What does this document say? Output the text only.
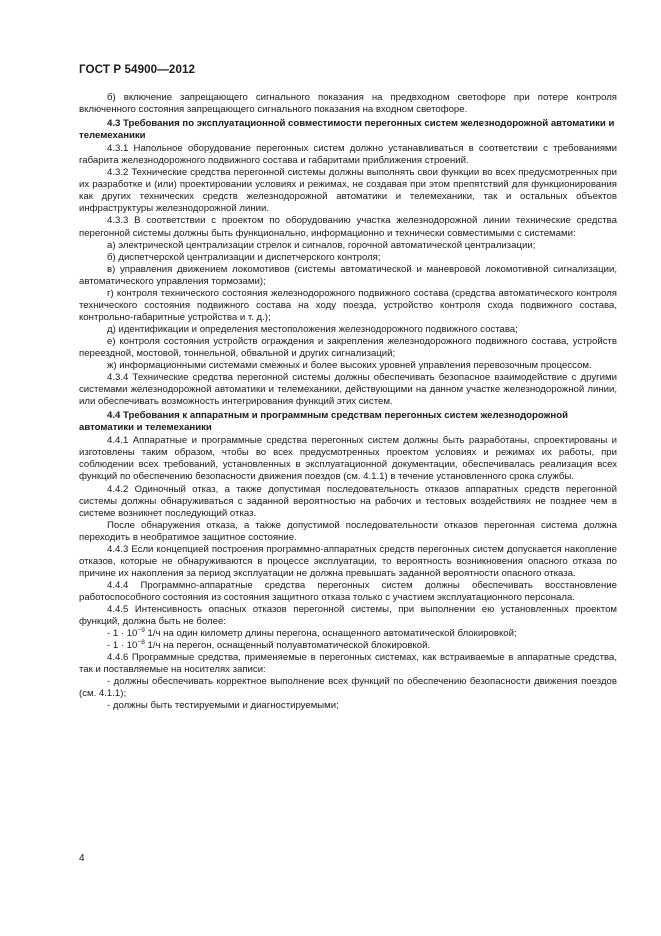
ГОСТ Р 54900—2012

б) включение запрещающего сигнального показания на предвходном светофоре при потере контроля включенного состояния запрещающего сигнального показания на входном светофоре.

4.3 Требования по эксплуатационной совместимости перегонных систем железнодорожной автоматики и телемеханики

4.3.1 Напольное оборудование перегонных систем должно устанавливаться в соответствии с требованиями габарита железнодорожного подвижного состава и габаритами приближения строений.

4.3.2 Технические средства перегонной системы должны выполнять свои функции во всех предусмотренных при их разработке и (или) проектировании условиях и режимах, не создавая при этом препятствий для функционирования как других технических средств железнодорожной автоматики и телемеханики, так и остальных объектов инфраструктуры железнодорожной линии.

4.3.3 В соответствии с проектом по оборудованию участка железнодорожной линии технические средства перегонной системы должны быть функционально, информационно и технически совместимыми с системами:

а) электрической централизации стрелок и сигналов, горочной автоматической централизации;

б) диспетчерской централизации и диспетчерского контроля;

в) управления движением локомотивов (системы автоматической и маневровой локомотивной сигнализации, автоматического управления тормозами);

г) контроля технического состояния железнодорожного подвижного состава (средства автоматического контроля технического состояния подвижного состава на ходу поезда, устройство контроля схода подвижного состава, контрольно-габаритные устройства и т. д.);

д) идентификации и определения местоположения железнодорожного подвижного состава;

е) контроля состояния устройств ограждения и закрепления железнодорожного подвижного состава, устройств переездной, мостовой, тоннельной, обвальной и других сигнализаций;

ж) информационными системами смежных и более высоких уровней управления перевозочным процессом.

4.3.4 Технические средства перегонной системы должны обеспечивать безопасное взаимодействие с другими системами железнодорожной автоматики и телемеханики, действующими на данном участке железнодорожной линии, или обеспечивать возможность интегрирования функций этих систем.

4.4 Требования к аппаратным и программным средствам перегонных систем железнодорожной автоматики и телемеханики

4.4.1 Аппаратные и программные средства перегонных систем должны быть разработаны, спроектированы и изготовлены таким образом, чтобы во всех предусмотренных проектом условиях и режимах их работы, при соблюдении всех требований, установленных в эксплуатационной документации, обеспечивалась реализация всех функций по обеспечению безопасности движения поездов (см. 4.1.1) в течение установленного срока службы.

4.4.2 Одиночный отказ, а также допустимая последовательность отказов аппаратных средств перегонной системы должны обнаруживаться с заданной вероятностью на рабочих и тестовых воздействиях не позднее чем в системе возникнет последующий отказ.

После обнаружения отказа, а также допустимой последовательности отказов перегонная система должна переходить в необратимое защитное состояние.

4.4.3 Если концепцией построения программно-аппаратных средств перегонных систем допускается накопление отказов, которые не обнаруживаются в процессе эксплуатации, то вероятность возникновения опасного отказа по причине их накопления за период эксплуатации не должна превышать заданной вероятности опасного отказа.

4.4.4 Программно-аппаратные средства перегонных систем должны обеспечивать восстановление работоспособного состояния из состояния защитного отказа только с участием эксплуатационного персонала.

4.4.5 Интенсивность опасных отказов перегонной системы, при выполнении ею установленных проектом функций, должна быть не более:

- $1 \cdot 10^{-9}$ 1/ч на один километр длины перегона, оснащенного автоматической блокировкой;

- $1 \cdot 10^{-8}$ 1/ч на перегон, оснащенный полуавтоматической блокировкой.

4.4.6 Программные средства, применяемые в перегонных системах, как встраиваемые в аппаратные средства, так и поставляемые на носителях записи:

- должны обеспечивать корректное выполнение всех функций по обеспечению безопасности движения поездов (см. 4.1.1);

- должны быть тестируемыми и диагностируемыми;

4
